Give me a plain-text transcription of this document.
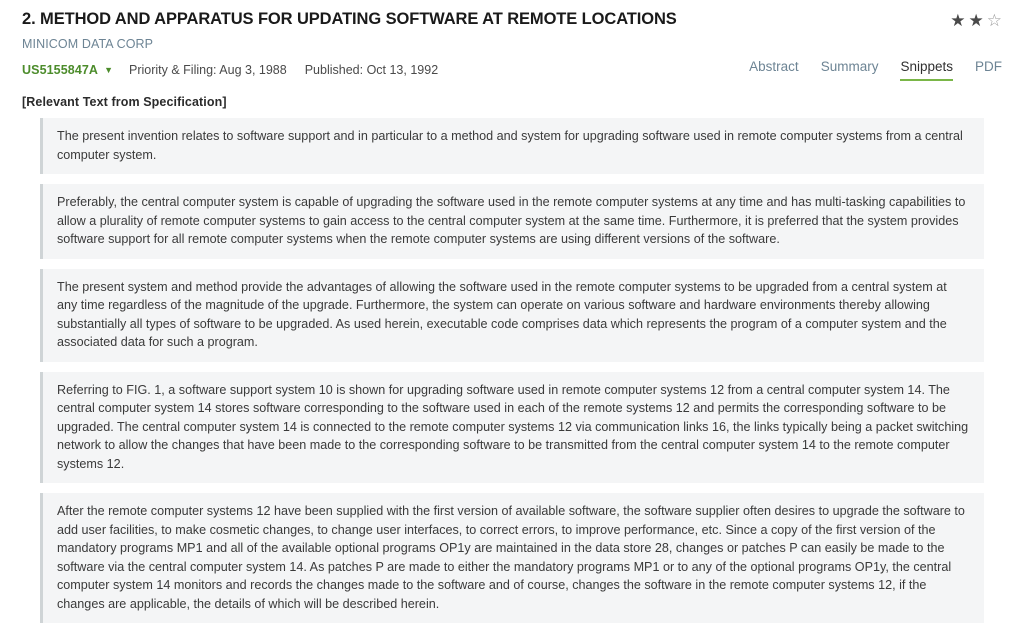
2. METHOD AND APPARATUS FOR UPDATING SOFTWARE AT REMOTE LOCATIONS	★ ★ ☆
MINICOM DATA CORP
US5155847A ▼ Priority & Filing: Aug 3, 1988 Published: Oct 13, 1992	Abstract Summary Snippets PDF
[Relevant Text from Specification]
The present invention relates to software support and in particular to a method and system for upgrading software used in remote computer systems from a central computer system.
Preferably, the central computer system is capable of upgrading the software used in the remote computer systems at any time and has multi-tasking capabilities to allow a plurality of remote computer systems to gain access to the central computer system at the same time. Furthermore, it is preferred that the system provides software support for all remote computer systems when the remote computer systems are using different versions of the software.
The present system and method provide the advantages of allowing the software used in the remote computer systems to be upgraded from a central system at any time regardless of the magnitude of the upgrade. Furthermore, the system can operate on various software and hardware environments thereby allowing substantially all types of software to be upgraded. As used herein, executable code comprises data which represents the program of a computer system and the associated data for such a program.
Referring to FIG. 1, a software support system 10 is shown for upgrading software used in remote computer systems 12 from a central computer system 14. The central computer system 14 stores software corresponding to the software used in each of the remote systems 12 and permits the corresponding software to be upgraded. The central computer system 14 is connected to the remote computer systems 12 via communication links 16, the links typically being a packet switching network to allow the changes that have been made to the corresponding software to be transmitted from the central computer system 14 to the remote computer systems 12.
After the remote computer systems 12 have been supplied with the first version of available software, the software supplier often desires to upgrade the software to add user facilities, to make cosmetic changes, to change user interfaces, to correct errors, to improve performance, etc. Since a copy of the first version of the mandatory programs MP1 and all of the available optional programs OP1y are maintained in the data store 28, changes or patches P can easily be made to the software via the central computer system 14. As patches P are made to either the mandatory programs MP1 or to any of the optional programs OP1y, the central computer system 14 monitors and records the changes made to the software and of course, changes the software in the remote computer systems 12, if the changes are applicable, the details of which will be described herein.
